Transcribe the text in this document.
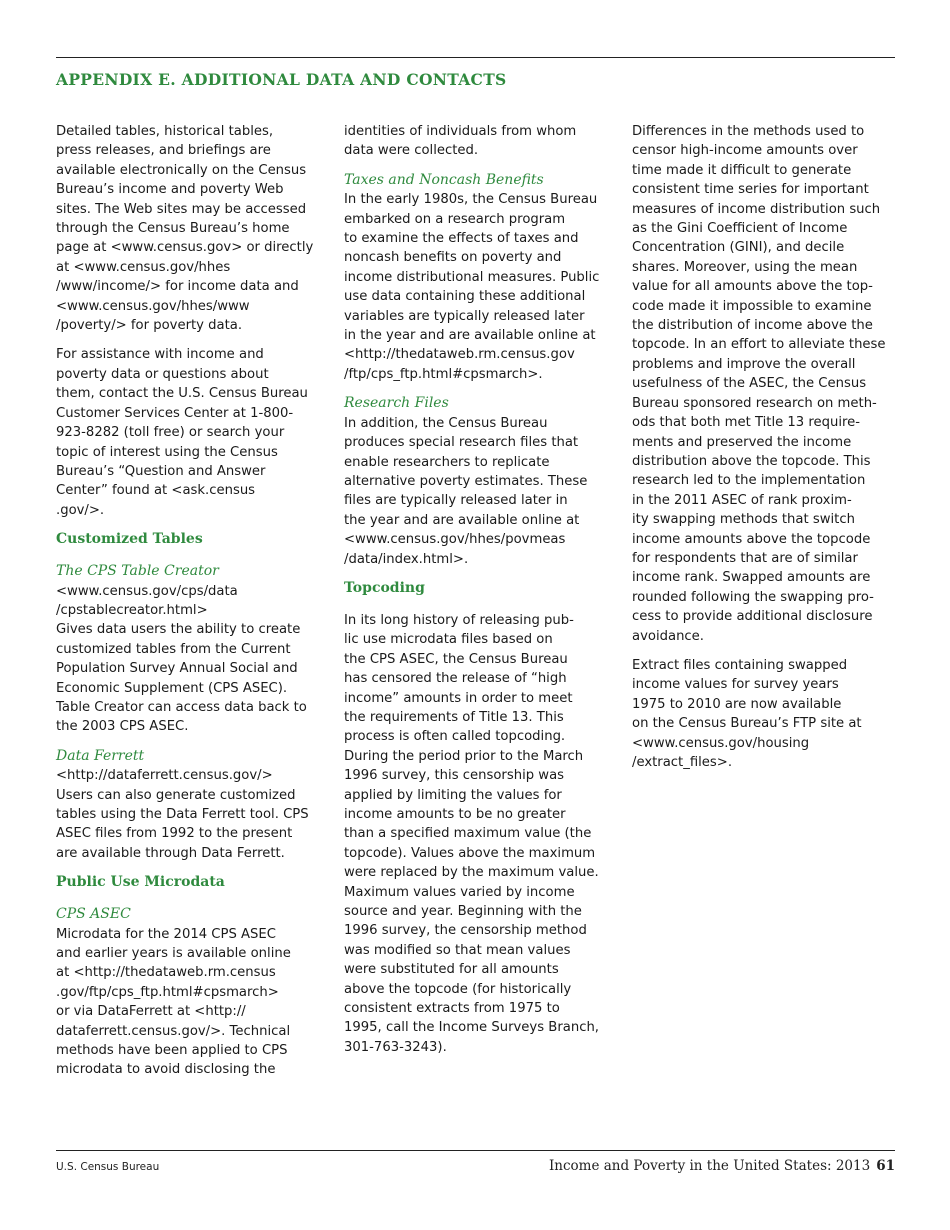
APPENDIX E. ADDITIONAL DATA AND CONTACTS

Detailed tables, historical tables,
press releases, and briefings are
available electronically on the Census
Bureau’s income and poverty Web
sites. The Web sites may be accessed
through the Census Bureau’s home
page at <www.census.gov> or directly
at <www.census.gov/hhes
/www/income/> for income data and
<www.census.gov/hhes/www
/poverty/> for poverty data.

For assistance with income and
poverty data or questions about
them, contact the U.S. Census Bureau
Customer Services Center at 1-800-
923-8282 (toll free) or search your
topic of interest using the Census
Bureau’s “Question and Answer
Center” found at <ask.census
.gov/>.

Customized Tables
The CPS Table Creator

<www.census.gov/cps/data
/cpstablecreator.html>
Gives data users the ability to create
customized tables from the Current
Population Survey Annual Social and
Economic Supplement (CPS ASEC).
Table Creator can access data back to
the 2003 CPS ASEC.

Data Ferrett

<http://dataferrett.census.gov/>
Users can also generate customized
tables using the Data Ferrett tool. CPS
ASEC files from 1992 to the present
are available through Data Ferrett.

Public Use Microdata
CPS ASEC

Microdata for the 2014 CPS ASEC
and earlier years is available online
at <http://thedataweb.rm.census
.gov/ftp/cps_ftp.html#cpsmarch>
or via DataFerrett at <http://
dataferrett.census.gov/>. Technical
methods have been applied to CPS
microdata to avoid disclosing the

identities of individuals from whom
data were collected.

Taxes and Noncash Benefits

In the early 1980s, the Census Bureau
embarked on a research program
to examine the effects of taxes and
noncash benefits on poverty and
income distributional measures. Public
use data containing these additional
variables are typically released later
in the year and are available online at
<http://thedataweb.rm.census.gov
/ftp/cps_ftp.html#cpsmarch>.

Research Files

In addition, the Census Bureau
produces special research files that
enable researchers to replicate
alternative poverty estimates. These
files are typically released later in
the year and are available online at
<www.census.gov/hhes/povmeas
/data/index.html>.

Topcoding

In its long history of releasing pub-
lic use microdata files based on
the CPS ASEC, the Census Bureau
has censored the release of “high
income” amounts in order to meet
the requirements of Title 13. This
process is often called topcoding.
During the period prior to the March
1996 survey, this censorship was
applied by limiting the values for
income amounts to be no greater
than a specified maximum value (the
topcode). Values above the maximum
were replaced by the maximum value.
Maximum values varied by income
source and year. Beginning with the
1996 survey, the censorship method
was modified so that mean values
were substituted for all amounts
above the topcode (for historically
consistent extracts from 1975 to
1995, call the Income Surveys Branch,
301-763-3243).

Differences in the methods used to
censor high-income amounts over
time made it difficult to generate
consistent time series for important
measures of income distribution such
as the Gini Coefficient of Income
Concentration (GINI), and decile
shares. Moreover, using the mean
value for all amounts above the top-
code made it impossible to examine
the distribution of income above the
topcode. In an effort to alleviate these
problems and improve the overall
usefulness of the ASEC, the Census
Bureau sponsored research on meth-
ods that both met Title 13 require-
ments and preserved the income
distribution above the topcode. This
research led to the implementation
in the 2011 ASEC of rank proxim-
ity swapping methods that switch
income amounts above the topcode
for respondents that are of similar
income rank. Swapped amounts are
rounded following the swapping pro-
cess to provide additional disclosure
avoidance.

Extract files containing swapped
income values for survey years
1975 to 2010 are now available
on the Census Bureau’s FTP site at
<www.census.gov/housing
/extract_files>.

U.S. Census Bureau	Income and Poverty in the United States: 2013 61
